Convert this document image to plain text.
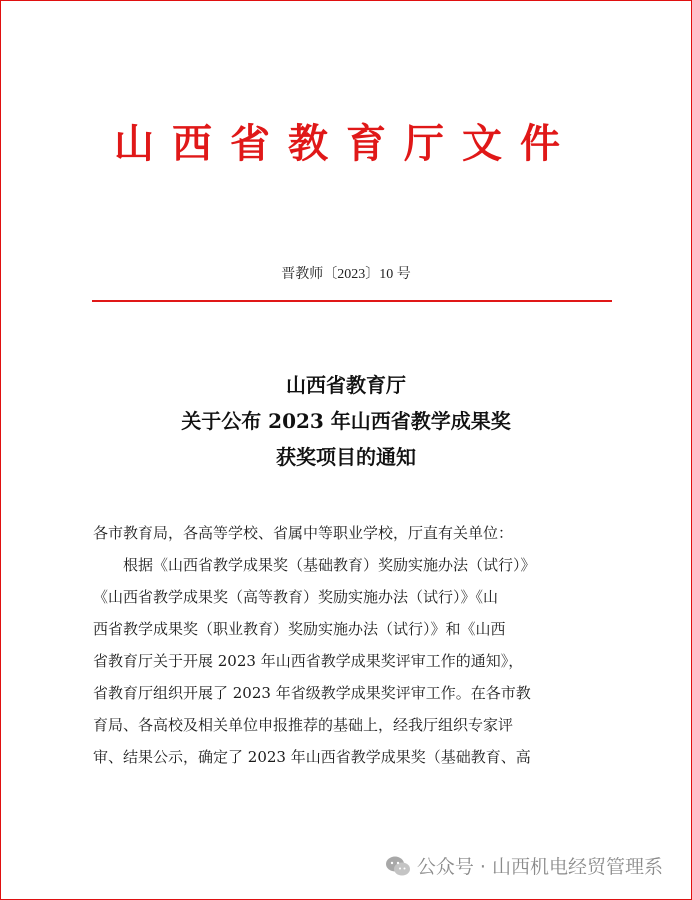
山西省教育厅文件
晋教师〔2023〕10 号
山西省教育厅
关于公布 2023 年山西省教学成果奖
获奖项目的通知
各市教育局，各高等学校、省属中等职业学校，厅直有关单位：
根据《山西省教学成果奖（基础教育）奖励实施办法（试行）》
《山西省教学成果奖（高等教育）奖励实施办法（试行）》《山
西省教学成果奖（职业教育）奖励实施办法（试行）》和《山西
省教育厅关于开展 2023 年山西省教学成果奖评审工作的通知》，
省教育厅组织开展了 2023 年省级教学成果奖评审工作。在各市教
育局、各高校及相关单位申报推荐的基础上，经我厅组织专家评
审、结果公示，确定了 2023 年山西省教学成果奖（基础教育、高
公众号 · 山西机电经贸管理系
